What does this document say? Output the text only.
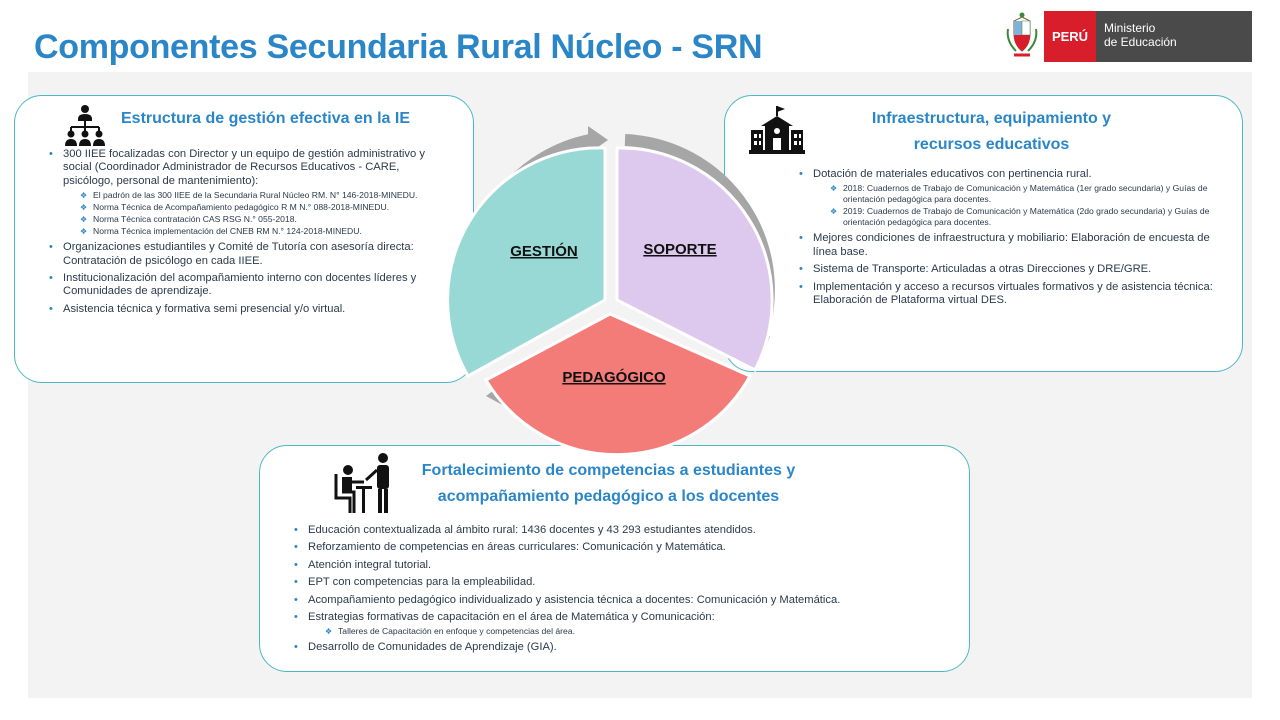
Componentes Secundaria Rural Núcleo - SRN	PERÚ
Ministerio
de Educación
Estructura de gestión efectiva en la IE
• 300 IIEE focalizadas con Director y un equipo de gestión administrativo y social (Coordinador Administrador de Recursos Educativos - CARE, psicólogo, personal de mantenimiento):
❖ El padrón de las 300 IIEE de la Secundaria Rural Núcleo RM. N° 146-2018-MINEDU.
❖ Norma Técnica de Acompañamiento pedagógico R M N.° 088-2018-MINEDU.
❖ Norma Técnica contratación CAS RSG N.° 055-2018.
❖ Norma Técnica implementación del CNEB RM N.° 124-2018-MINEDU.
• Organizaciones estudiantiles y Comité de Tutoría con asesoría directa: Contratación de psicólogo en cada IIEE.
• Institucionalización del acompañamiento interno con docentes líderes y Comunidades de aprendizaje.
• Asistencia técnica y formativa semi presencial y/o virtual.
Infraestructura, equipamiento y
recursos educativos
• Dotación de materiales educativos con pertinencia rural.
❖ 2018: Cuadernos de Trabajo de Comunicación y Matemática (1er grado secundaria) y Guías de orientación pedagógica para docentes.
❖ 2019: Cuadernos de Trabajo de Comunicación y Matemática (2do grado secundaria) y Guías de orientación pedagógica para docentes.
• Mejores condiciones de infraestructura y mobiliario: Elaboración de encuesta de línea base.
• Sistema de Transporte: Articuladas a otras Direcciones y DRE/GRE.
• Implementación y acceso a recursos virtuales formativos y de asistencia técnica: Elaboración de Plataforma virtual DES.
Fortalecimiento de competencias a estudiantes y
acompañamiento pedagógico a los docentes
• Educación contextualizada al ámbito rural: 1436 docentes y 43 293 estudiantes atendidos.
• Reforzamiento de competencias en áreas curriculares: Comunicación y Matemática.
• Atención integral tutorial.
• EPT con competencias para la empleabilidad.
• Acompañamiento pedagógico individualizado y asistencia técnica a docentes: Comunicación y Matemática.
• Estrategias formativas de capacitación en el área de Matemática y Comunicación:
❖ Talleres de Capacitación en enfoque y competencias del área.
• Desarrollo de Comunidades de Aprendizaje (GIA).
GESTIÓN	SOPORTE
PEDAGÓGICO
